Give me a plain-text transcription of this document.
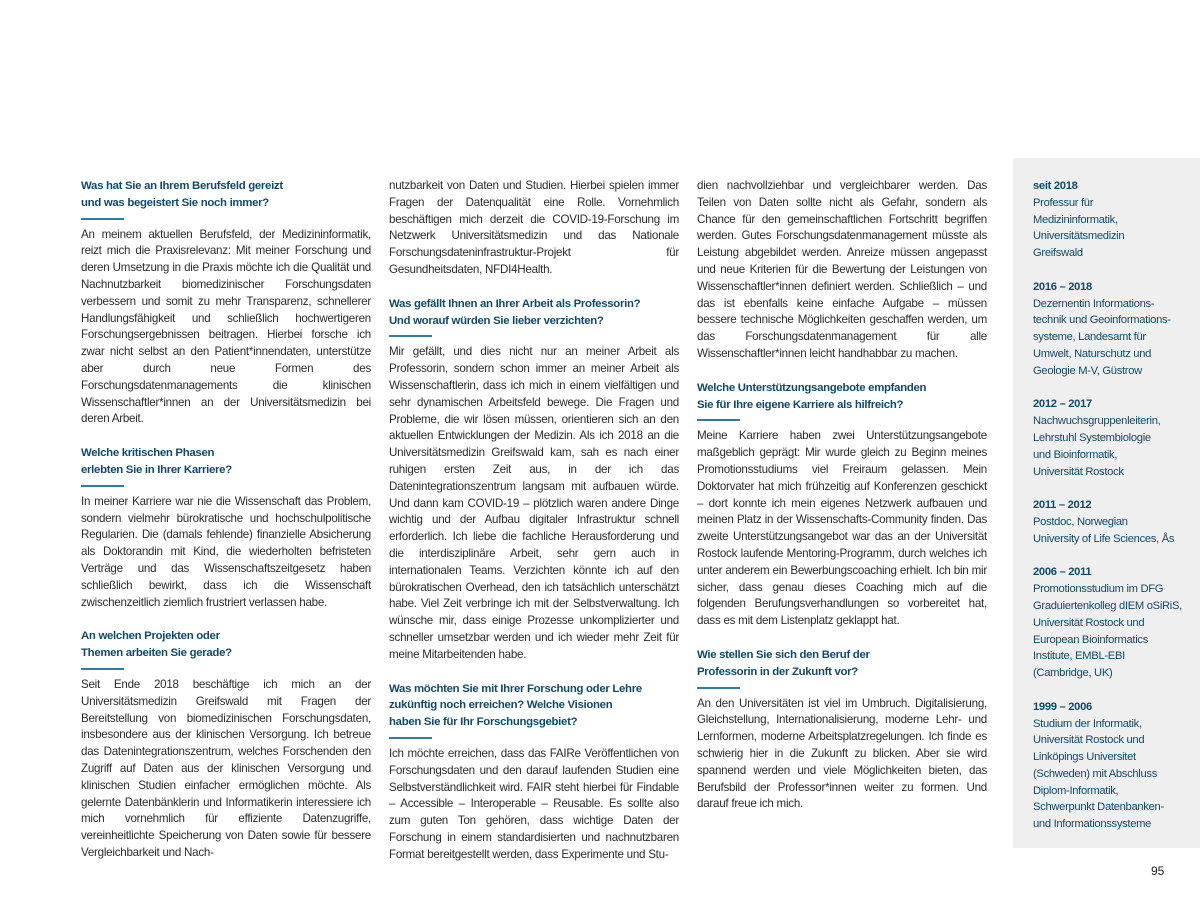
Was hat Sie an Ihrem Berufsfeld gereizt
und was begeistert Sie noch immer?

An meinem aktuellen Berufsfeld, der Medizininformatik, reizt mich die Praxisrelevanz: Mit meiner Forschung und deren Umsetzung in die Praxis möchte ich die Qualität und Nachnutzbarkeit biomedizinischer Forschungsdaten verbessern und somit zu mehr Transparenz, schnellerer Handlungsfähigkeit und schließlich hochwertigeren Forschungsergebnissen beitragen. Hierbei forsche ich zwar nicht selbst an den Patient*innendaten, unterstütze aber durch neue Formen des Forschungsdatenmanagements die klinischen Wissenschaftler*innen an der Universitätsmedizin bei deren Arbeit.

Welche kritischen Phasen
erlebten Sie in Ihrer Karriere?

In meiner Karriere war nie die Wissenschaft das Problem, sondern vielmehr bürokratische und hochschulpolitische Regularien. Die (damals fehlende) finanzielle Absicherung als Doktorandin mit Kind, die wiederholten befristeten Verträge und das Wissenschaftszeitgesetz haben schließlich bewirkt, dass ich die Wissenschaft zwischenzeitlich ziemlich frustriert verlassen habe.

An welchen Projekten oder
Themen arbeiten Sie gerade?

Seit Ende 2018 beschäftige ich mich an der Universitätsmedizin Greifswald mit Fragen der Bereitstellung von biomedizinischen Forschungsdaten, insbesondere aus der klinischen Versorgung. Ich betreue das Datenintegrationszentrum, welches Forschenden den Zugriff auf Daten aus der klinischen Versorgung und klinischen Studien einfacher ermöglichen möchte. Als gelernte Datenbänklerin und Informatikerin interessiere ich mich vornehmlich für effiziente Datenzugriffe, vereinheitlichte Speicherung von Daten sowie für bessere Vergleichbarkeit und Nach-

nutzbarkeit von Daten und Studien. Hierbei spielen immer Fragen der Datenqualität eine Rolle. Vornehmlich beschäftigen mich derzeit die COVID-19-Forschung im Netzwerk Universitätsmedizin und das Nationale Forschungsdateninfrastruktur-Projekt für Gesundheitsdaten, NFDI4Health.

Was gefällt Ihnen an Ihrer Arbeit als Professorin?
Und worauf würden Sie lieber verzichten?

Mir gefällt, und dies nicht nur an meiner Arbeit als Professorin, sondern schon immer an meiner Arbeit als Wissenschaftlerin, dass ich mich in einem vielfältigen und sehr dynamischen Arbeitsfeld bewege. Die Fragen und Probleme, die wir lösen müssen, orientieren sich an den aktuellen Entwicklungen der Medizin. Als ich 2018 an die Universitätsmedizin Greifswald kam, sah es nach einer ruhigen ersten Zeit aus, in der ich das Datenintegrationszentrum langsam mit aufbauen würde. Und dann kam COVID-19 – plötzlich waren andere Dinge wichtig und der Aufbau digitaler Infrastruktur schnell erforderlich. Ich liebe die fachliche Herausforderung und die interdisziplinäre Arbeit, sehr gern auch in internationalen Teams. Verzichten könnte ich auf den bürokratischen Overhead, den ich tatsächlich unterschätzt habe. Viel Zeit verbringe ich mit der Selbstverwaltung. Ich wünsche mir, dass einige Prozesse unkomplizierter und schneller umsetzbar werden und ich wieder mehr Zeit für meine Mitarbeitenden habe.

Was möchten Sie mit Ihrer Forschung oder Lehre
zukünftig noch erreichen? Welche Visionen
haben Sie für Ihr Forschungsgebiet?

Ich möchte erreichen, dass das FAIRe Veröffentlichen von Forschungsdaten und den darauf laufenden Studien eine Selbstverständlichkeit wird. FAIR steht hierbei für Findable – Accessible – Interoperable – Reusable. Es sollte also zum guten Ton gehören, dass wichtige Daten der Forschung in einem standardisierten und nachnutzbaren Format bereitgestellt werden, dass Experimente und Stu-

dien nachvollziehbar und vergleichbarer werden. Das Teilen von Daten sollte nicht als Gefahr, sondern als Chance für den gemeinschaftlichen Fortschritt begriffen werden. Gutes Forschungsdatenmanagement müsste als Leistung abgebildet werden. Anreize müssen angepasst und neue Kriterien für die Bewertung der Leistungen von Wissenschaftler*innen definiert werden. Schließlich – und das ist ebenfalls keine einfache Aufgabe – müssen bessere technische Möglichkeiten geschaffen werden, um das Forschungsdatenmanagement für alle Wissenschaftler*innen leicht handhabbar zu machen.

Welche Unterstützungsangebote empfanden
Sie für Ihre eigene Karriere als hilfreich?

Meine Karriere haben zwei Unterstützungsangebote maßgeblich geprägt: Mir wurde gleich zu Beginn meines Promotionsstudiums viel Freiraum gelassen. Mein Doktorvater hat mich frühzeitig auf Konferenzen geschickt – dort konnte ich mein eigenes Netzwerk aufbauen und meinen Platz in der Wissenschafts-Community finden. Das zweite Unterstützungsangebot war das an der Universität Rostock laufende Mentoring-Programm, durch welches ich unter anderem ein Bewerbungscoaching erhielt. Ich bin mir sicher, dass genau dieses Coaching mich auf die folgenden Berufungsverhandlungen so vorbereitet hat, dass es mit dem Listenplatz geklappt hat.

Wie stellen Sie sich den Beruf der
Professorin in der Zukunft vor?

An den Universitäten ist viel im Umbruch. Digitalisierung, Gleichstellung, Internationalisierung, moderne Lehr- und Lernformen, moderne Arbeitsplatzregelungen. Ich finde es schwierig hier in die Zukunft zu blicken. Aber sie wird spannend werden und viele Möglichkeiten bieten, das Berufsbild der Professor*innen weiter zu formen. Und darauf freue ich mich.

seit 2018
Professur für
Medizininformatik,
Universitätsmedizin
Greifswald
2016 – 2018
Dezernentin Informations-
technik und Geoinformations-
systeme, Landesamt für
Umwelt, Naturschutz und
Geologie M-V, Güstrow
2012 – 2017
Nachwuchsgruppenleiterin,
Lehrstuhl Systembiologie
und Bioinformatik,
Universität Rostock
2011 – 2012
Postdoc, Norwegian
University of Life Sciences, Ås
2006 – 2011
Promotionsstudium im DFG
Graduiertenkolleg dIEM oSiRiS,
Universität Rostock und
European Bioinformatics
Institute, EMBL-EBI
(Cambridge, UK)
1999 – 2006
Studium der Informatik,
Universität Rostock und
Linköpings Universitet
(Schweden) mit Abschluss
Diplom-Informatik,
Schwerpunkt Datenbanken-
und Informationssysteme
95
